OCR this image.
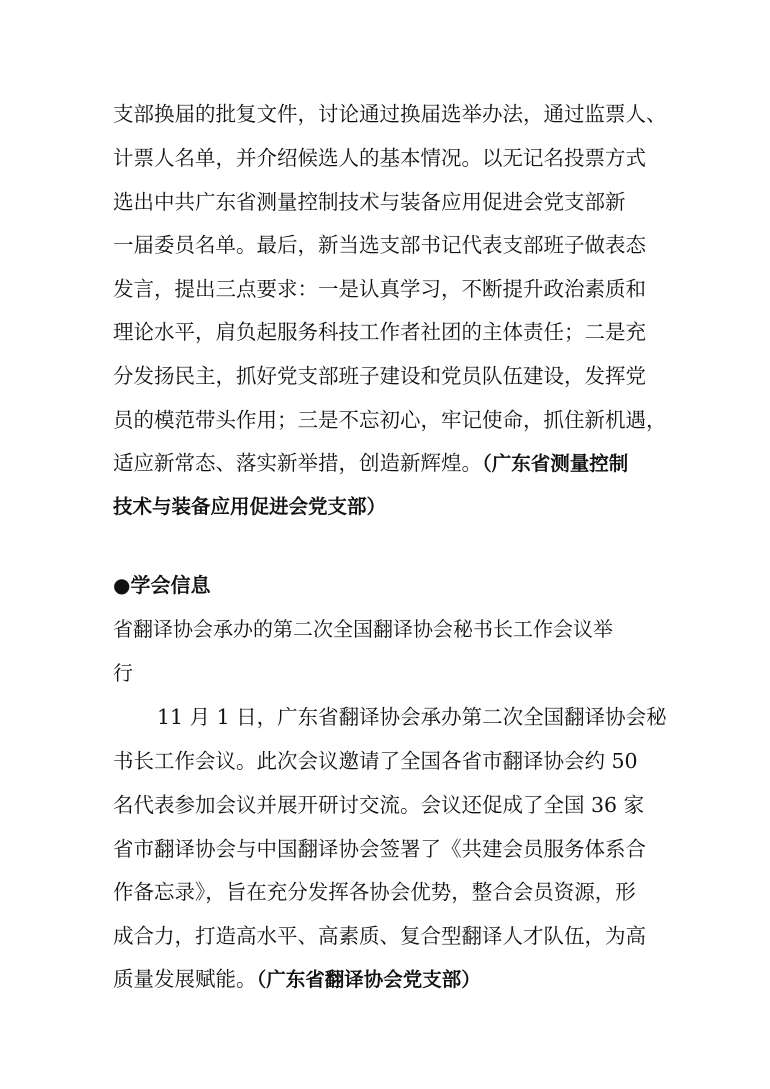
支部换届的批复文件，讨论通过换届选举办法，通过监票人、
计票人名单，并介绍候选人的基本情况。以无记名投票方式
选出中共广东省测量控制技术与装备应用促进会党支部新
一届委员名单。最后，新当选支部书记代表支部班子做表态
发言，提出三点要求：一是认真学习，不断提升政治素质和
理论水平，肩负起服务科技工作者社团的主体责任；二是充
分发扬民主，抓好党支部班子建设和党员队伍建设，发挥党
员的模范带头作用；三是不忘初心，牢记使命，抓住新机遇，
适应新常态、落实新举措，创造新辉煌。（广东省测量控制
技术与装备应用促进会党支部）
●学会信息
省翻译协会承办的第二次全国翻译协会秘书长工作会议举
行
11 月 1 日，广东省翻译协会承办第二次全国翻译协会秘
书长工作会议。此次会议邀请了全国各省市翻译协会约 50
名代表参加会议并展开研讨交流。会议还促成了全国 36 家
省市翻译协会与中国翻译协会签署了《共建会员服务体系合
作备忘录》，旨在充分发挥各协会优势，整合会员资源，形
成合力，打造高水平、高素质、复合型翻译人才队伍，为高
质量发展赋能。（广东省翻译协会党支部）
